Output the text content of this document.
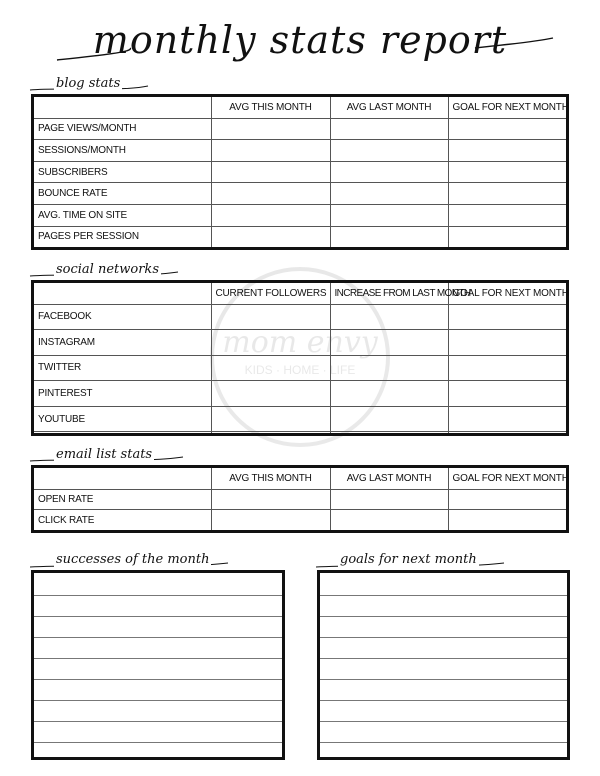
monthly stats report
mom envy
KIDS · HOME · LIFE
blog stats
	AVG THIS MONTH	AVG LAST MONTH	GOAL FOR NEXT MONTH
PAGE VIEWS/MONTH			
SESSIONS/MONTH			
SUBSCRIBERS			
BOUNCE RATE			
AVG. TIME ON SITE			
PAGES PER SESSION			
social networks
	CURRENT FOLLOWERS	INCREASE FROM LAST MONTH	GOAL FOR NEXT MONTH
FACEBOOK			
INSTAGRAM			
TWITTER			
PINTEREST			
YOUTUBE			

email list stats
	AVG THIS MONTH	AVG LAST MONTH	GOAL FOR NEXT MONTH
OPEN RATE			
CLICK RATE			
successes of the month	goals for next month
